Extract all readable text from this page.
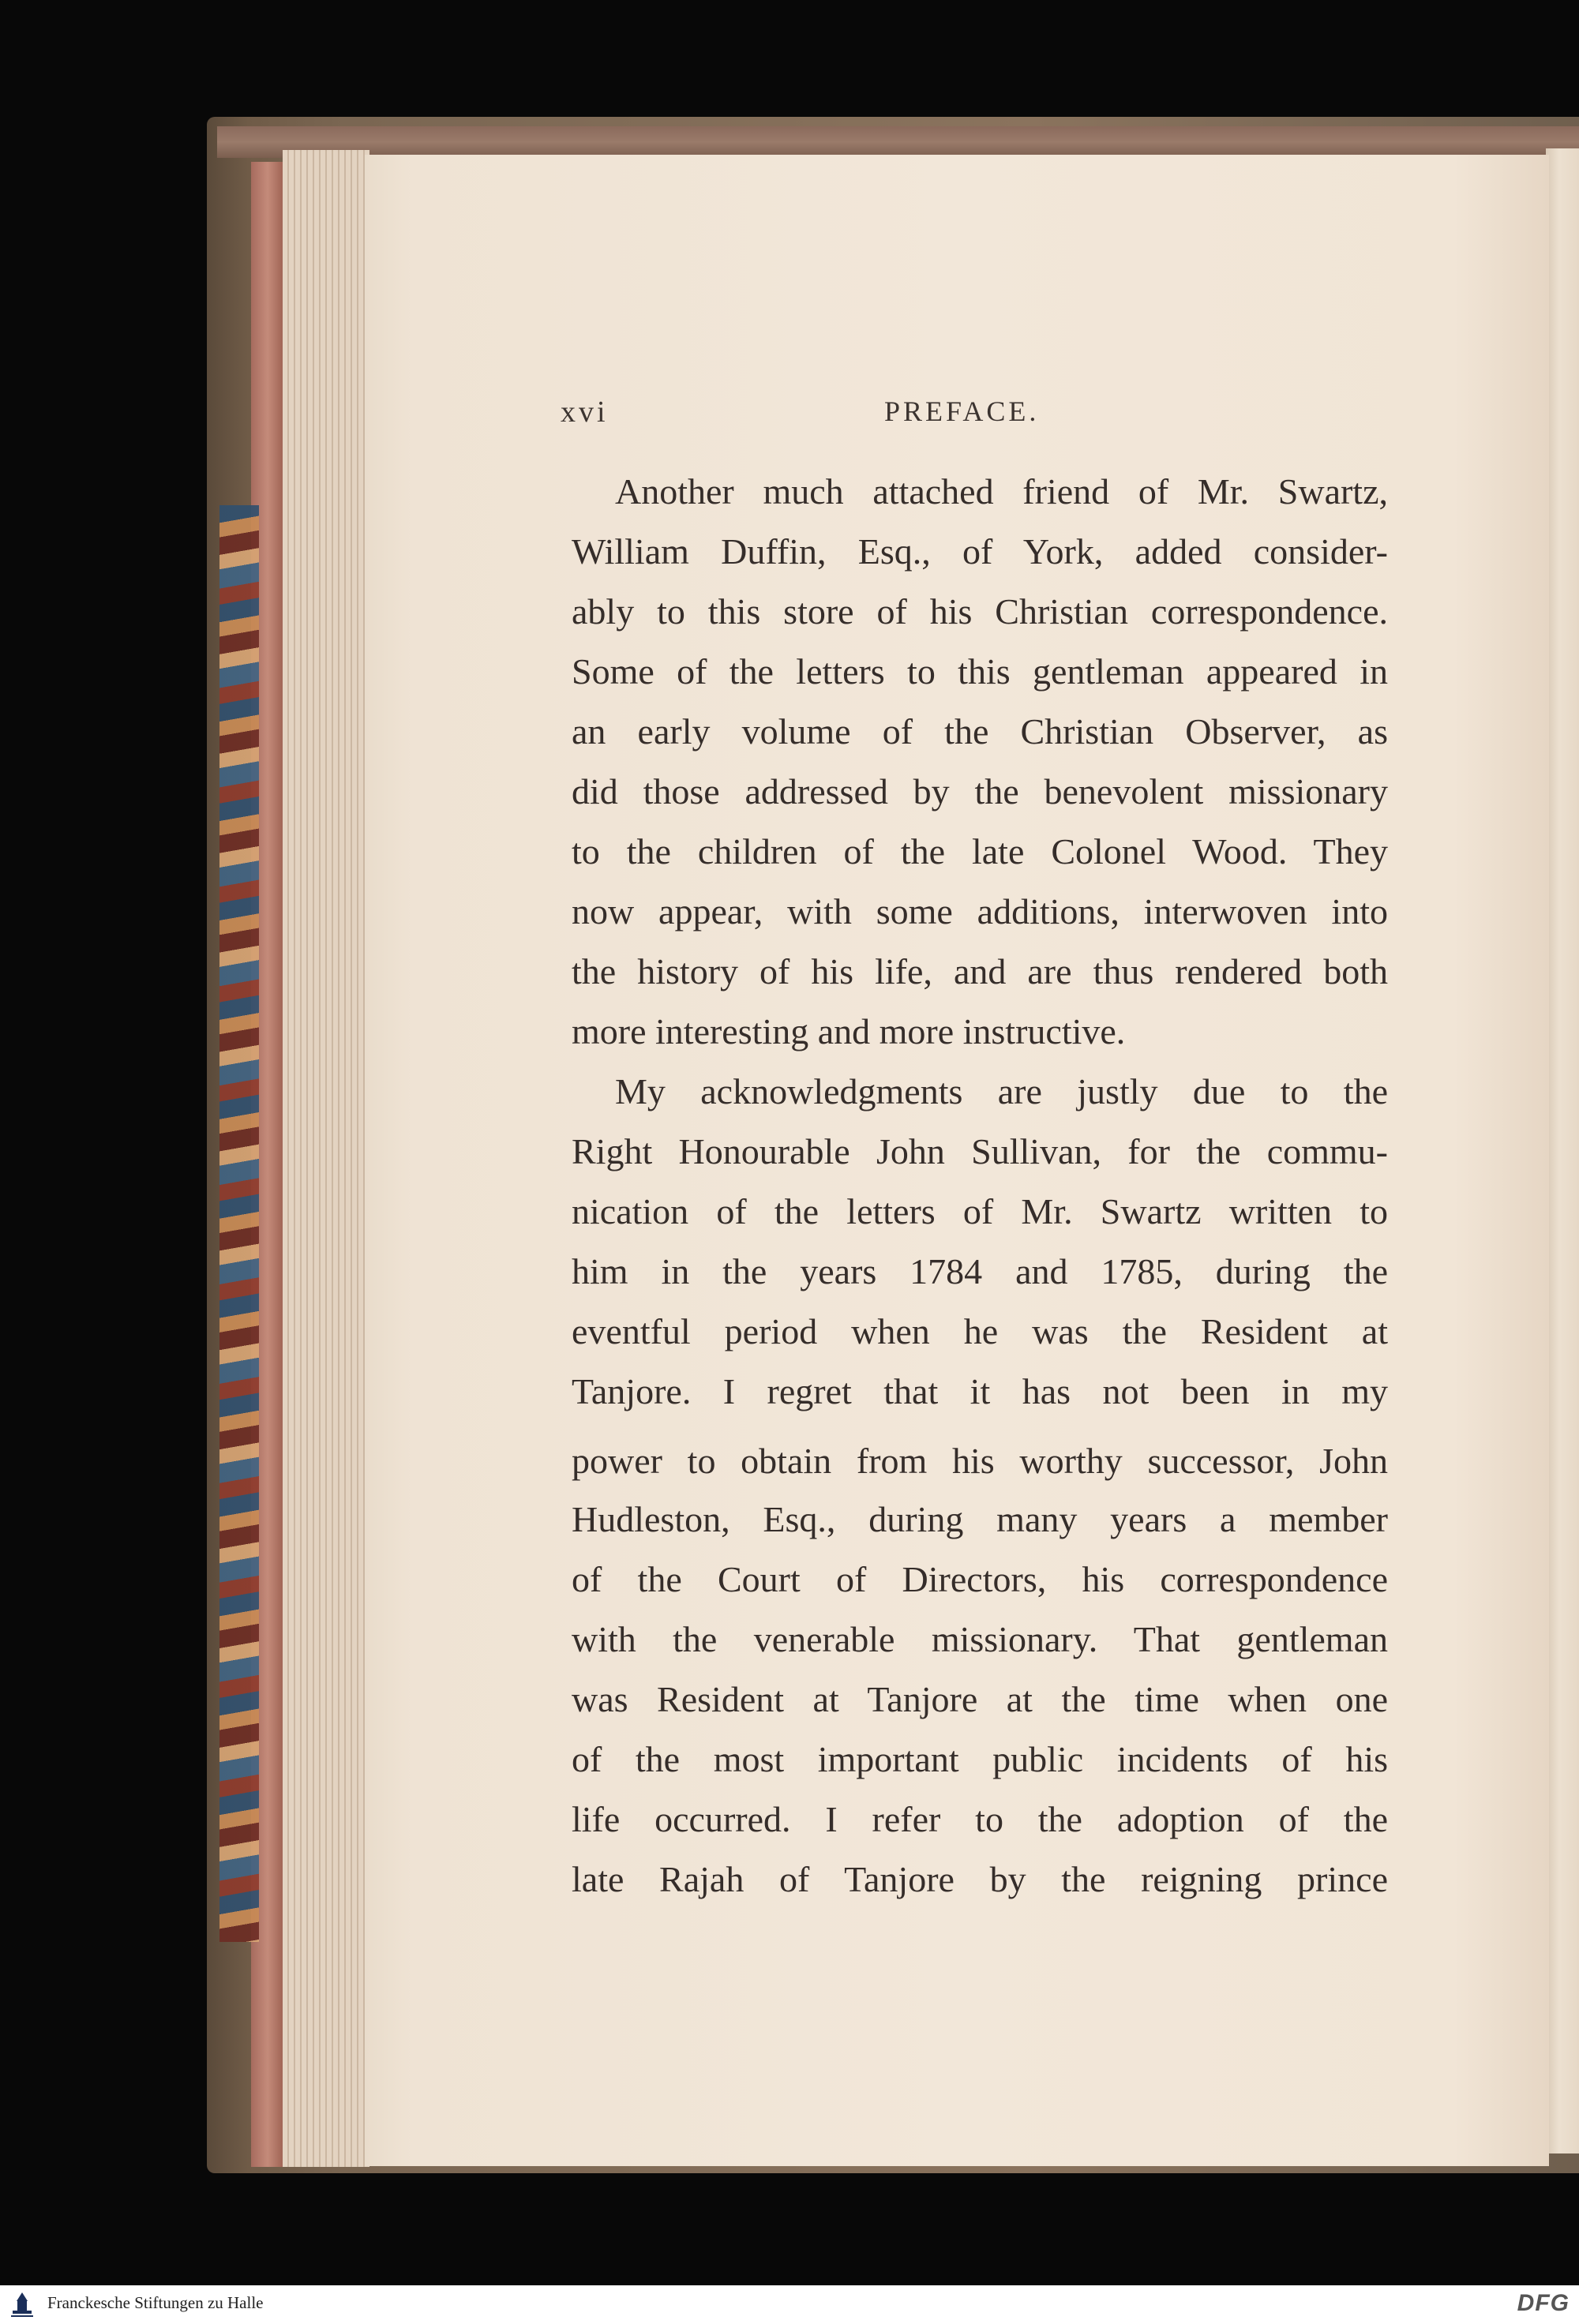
xvi	PREFACE.
Another much attached friend of Mr. Swartz,
William Duffin, Esq., of York, added consider-
ably to this store of his Christian correspondence.
Some of the letters to this gentleman appeared in
an early volume of the Christian Observer, as
did those addressed by the benevolent missionary
to the children of the late Colonel Wood. They
now appear, with some additions, interwoven into
the history of his life, and are thus rendered both
more interesting and more instructive.
My acknowledgments are justly due to the
Right Honourable John Sullivan, for the commu-
nication of the letters of Mr. Swartz written to
him in the years 1784 and 1785, during the
eventful period when he was the Resident at
Tanjore. I regret that it has not been in my
power to obtain from his worthy successor, John
Hudleston, Esq., during many years a member
of the Court of Directors, his correspondence
with the venerable missionary. That gentleman
was Resident at Tanjore at the time when one
of the most important public incidents of his
life occurred. I refer to the adoption of the
late Rajah of Tanjore by the reigning prince
Franckesche Stiftungen zu Halle	DFG
